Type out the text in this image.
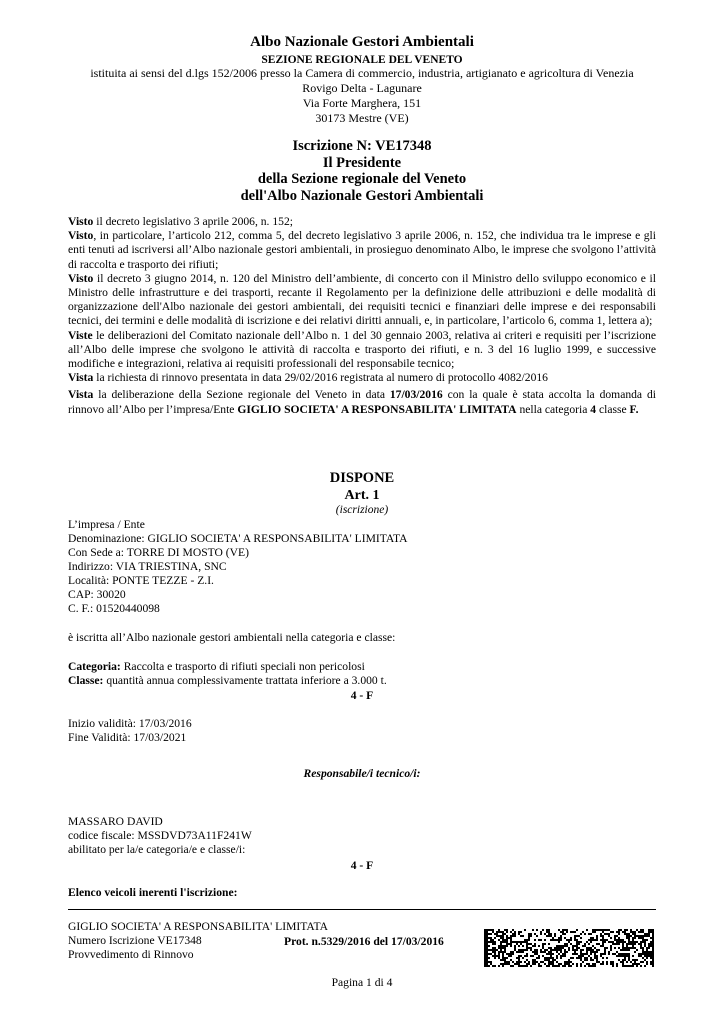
Albo Nazionale Gestori Ambientali
SEZIONE REGIONALE DEL VENETO
istituita ai sensi del d.lgs 152/2006 presso la Camera di commercio, industria, artigianato e agricoltura di Venezia
Rovigo Delta - Lagunare
Via Forte Marghera, 151
30173 Mestre (VE)
Iscrizione N: VE17348
Il Presidente
della Sezione regionale del Veneto
dell'Albo Nazionale Gestori Ambientali

Visto il decreto legislativo 3 aprile 2006, n. 152;

Visto, in particolare, l’articolo 212, comma 5, del decreto legislativo 3 aprile 2006, n. 152, che individua tra le imprese e gli enti tenuti ad iscriversi all’Albo nazionale gestori ambientali, in prosieguo denominato Albo, le imprese che svolgono l’attività di raccolta e trasporto dei rifiuti;

Visto il decreto 3 giugno 2014, n. 120 del Ministro dell’ambiente, di concerto con il Ministro dello sviluppo economico e il Ministro delle infrastrutture e dei trasporti, recante il Regolamento per la definizione delle attribuzioni e delle modalità di organizzazione dell'Albo nazionale dei gestori ambientali, dei requisiti tecnici e finanziari delle imprese e dei responsabili tecnici, dei termini e delle modalità di iscrizione e dei relativi diritti annuali, e, in particolare, l’articolo 6, comma 1, lettera a);

Viste le deliberazioni del Comitato nazionale dell’Albo n. 1 del 30 gennaio 2003, relativa ai criteri e requisiti per l’iscrizione all’Albo delle imprese che svolgono le attività di raccolta e trasporto dei rifiuti, e n. 3 del 16 luglio 1999, e successive modifiche e integrazioni, relativa ai requisiti professionali del responsabile tecnico;

Vista la richiesta di rinnovo presentata in data 29/02/2016 registrata al numero di protocollo 4082/2016

Vista la deliberazione della Sezione regionale del Veneto in data 17/03/2016 con la quale è stata accolta la domanda di rinnovo all’Albo per l’impresa/Ente GIGLIO SOCIETA' A RESPONSABILITA' LIMITATA nella categoria 4 classe F.

DISPONE
Art. 1
(iscrizione)
L’impresa / Ente
Denominazione: GIGLIO SOCIETA' A RESPONSABILITA' LIMITATA
Con Sede a: TORRE DI MOSTO (VE)
Indirizzo: VIA TRIESTINA, SNC
Località: PONTE TEZZE - Z.I.
CAP: 30020
C. F.: 01520440098
è iscritta all’Albo nazionale gestori ambientali nella categoria e classe:
Categoria: Raccolta e trasporto di rifiuti speciali non pericolosi
Classe: quantità annua complessivamente trattata inferiore a 3.000 t.
4 - F
Inizio validità: 17/03/2016
Fine Validità: 17/03/2021
Responsabile/i tecnico/i:
MASSARO DAVID
codice fiscale: MSSDVD73A11F241W
abilitato per la/e categoria/e e classe/i:
4 - F
Elenco veicoli inerenti l'iscrizione:
GIGLIO SOCIETA' A RESPONSABILITA' LIMITATA
Numero Iscrizione VE17348
Provvedimento di Rinnovo
Prot. n.5329/2016 del 17/03/2016
Pagina 1 di 4
